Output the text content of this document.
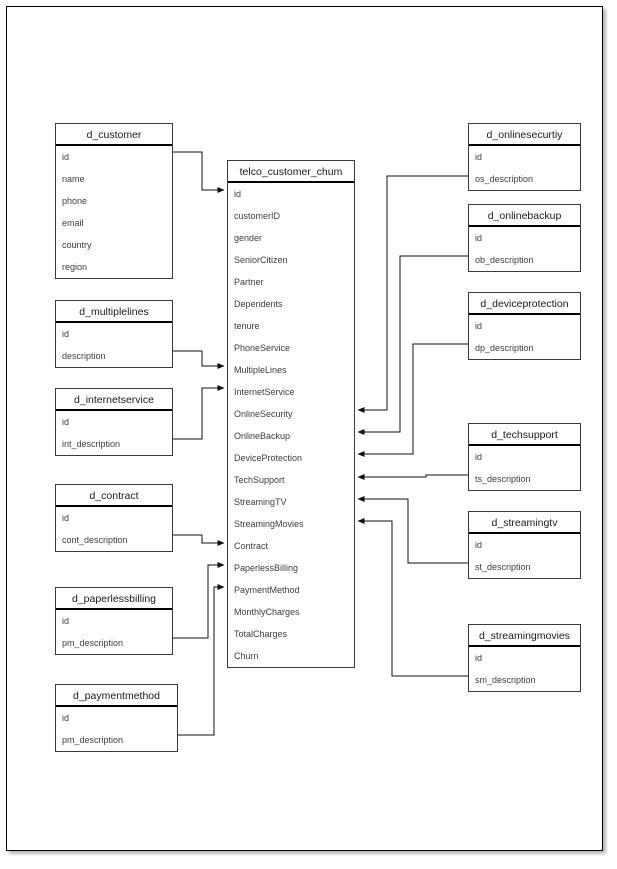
d_customer
id
name
phone
email
country
region
d_multiplelines
id
description
d_internetservice
id
int_description
d_contract
id
cont_description
d_paperlessbilling
id
pm_description
d_paymentmethod
id
pm_description
telco_customer_chum
id
customerID
gender
SeniorCitizen
Partner
Dependents
tenure
PhoneService
MultipleLines
InternetService
OnlineSecurity
OnlineBackup
DeviceProtection
TechSupport
StreamingTV
StreamingMovies
Contract
PaperlessBilling
PaymentMethod
MonthlyCharges
TotalCharges
Churn
d_onlinesecurtiy
id
os_description
d_onlinebackup
id
ob_description
d_deviceprotection
id
dp_description
d_techsupport
id
ts_description
d_streamingtv
id
st_description
d_streamingmovies
id
sm_description
